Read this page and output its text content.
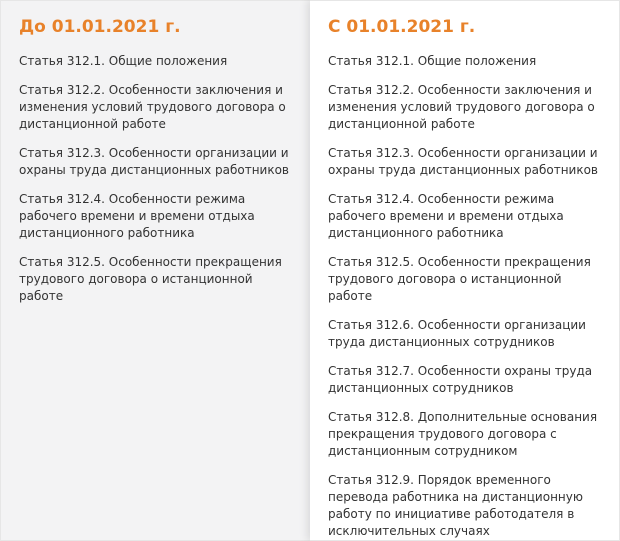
До 01.01.2021 г.
Статья 312.1. Общие положения
Статья 312.2. Особенности заключения и изменения условий трудового договора о дистанционной работе
Статья 312.3. Особенности организации и охраны труда дистанционных работников
Статья 312.4. Особенности режима рабочего времени и времени отдыха дистанционного работника
Статья 312.5. Особенности прекращения трудового договора о истанционной работе
С 01.01.2021 г.
Статья 312.1. Общие положения
Статья 312.2. Особенности заключения и изменения условий трудового договора о дистанционной работе
Статья 312.3. Особенности организации и охраны труда дистанционных работников
Статья 312.4. Особенности режима рабочего времени и времени отдыха дистанционного работника
Статья 312.5. Особенности прекращения трудового договора о истанционной работе
Статья 312.6. Особенности организации труда дистанционных сотрудников
Статья 312.7. Особенности охраны труда дистанционных сотрудников
Статья 312.8. Дополнительные основания прекращения трудового договора с дистанционным сотрудником
Статья 312.9. Порядок временного перевода работника на дистанционную работу по инициативе работодателя в исключительных случаях
